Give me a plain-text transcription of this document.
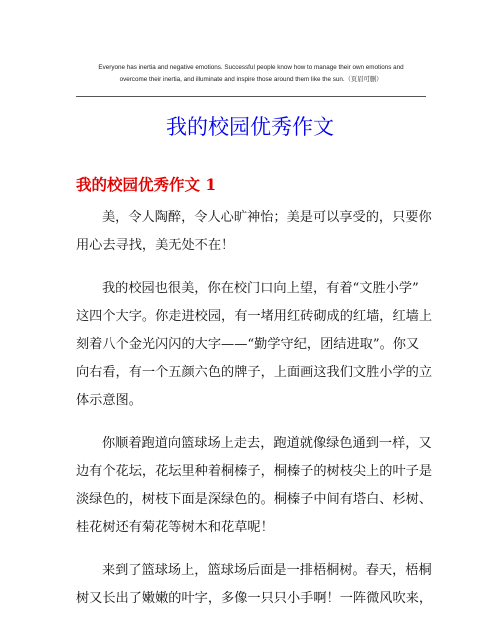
Everyone has inertia and negative emotions. Successful people know how to manage their own emotions and
overcome their inertia, and illuminate and inspire those around them like the sun.（页眉可删）
我的校园优秀作文
我的校园优秀作文 1

美，令人陶醉，令人心旷神怡；美是可以享受的，只要你
用心去寻找，美无处不在！

我的校园也很美，你在校门口向上望，有着“文胜小学”
这四个大字。你走进校园，有一堵用红砖砌成的红墙，红墙上
刻着八个金光闪闪的大字——“勤学守纪，团结进取”。你又
向右看，有一个五颜六色的牌子，上面画这我们文胜小学的立
体示意图。

你顺着跑道向篮球场上走去，跑道就像绿色通到一样，又
边有个花坛，花坛里种着桐榛子，桐榛子的树枝尖上的叶子是
淡绿色的，树枝下面是深绿色的。桐榛子中间有塔白、杉树、
桂花树还有菊花等树木和花草呢！

来到了篮球场上，篮球场后面是一排梧桐树。春天，梧桐
树又长出了嫩嫩的叶字，多像一只只小手啊！一阵微风吹来，
